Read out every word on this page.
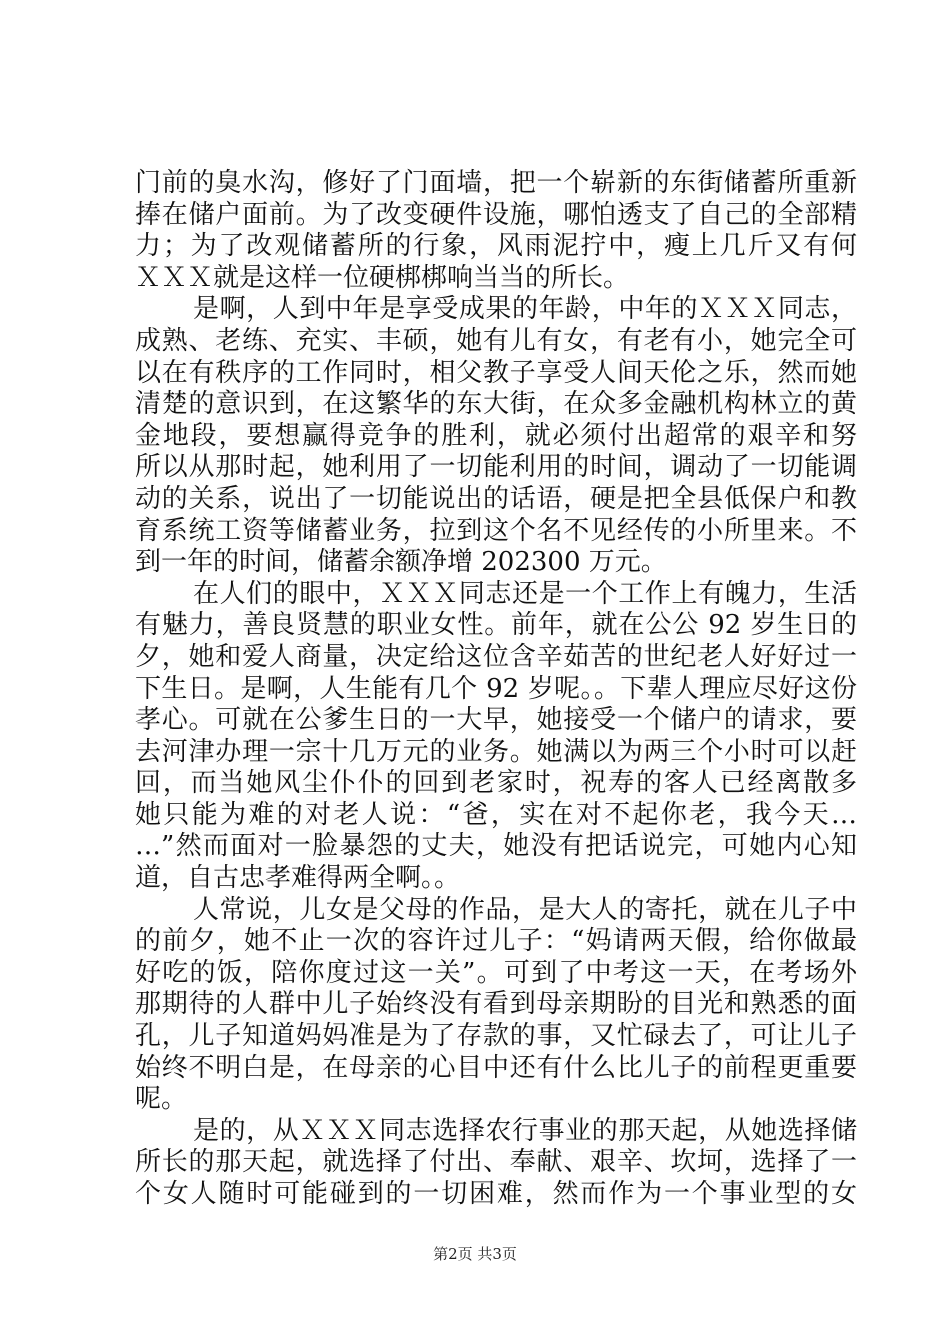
门前的臭水沟，修好了门面墙，把一个崭新的东街储蓄所重新
捧在储户面前。为了改变硬件设施，哪怕透支了自己的全部精
力；为了改观储蓄所的行象，风雨泥拧中，瘦上几斤又有何
ＸＸＸ就是这样一位硬梆梆响当当的所长。
是啊，人到中年是享受成果的年龄，中年的ＸＸＸ同志，
成熟、老练、充实、丰硕，她有儿有女，有老有小，她完全可
以在有秩序的工作同时，相父教子享受人间天伦之乐，然而她
清楚的意识到，在这繁华的东大街，在众多金融机构林立的黄
金地段，要想赢得竞争的胜利，就必须付出超常的艰辛和努
所以从那时起，她利用了一切能利用的时间，调动了一切能调
动的关系，说出了一切能说出的话语，硬是把全县低保户和教
育系统工资等储蓄业务，拉到这个名不见经传的小所里来。不
到一年的时间，储蓄余额净增 202300 万元。
在人们的眼中，ＸＸＸ同志还是一个工作上有魄力，生活
有魅力，善良贤慧的职业女性。前年，就在公公 92 岁生日的
夕，她和爱人商量，决定给这位含辛茹苦的世纪老人好好过一
下生日。是啊，人生能有几个 92 岁呢。。下辈人理应尽好这份
孝心。可就在公爹生日的一大早，她接受一个储户的请求，要
去河津办理一宗十几万元的业务。她满以为两三个小时可以赶
回，而当她风尘仆仆的回到老家时，祝寿的客人已经离散多
她只能为难的对老人说：“爸，实在对不起你老，我今天…
…”然而面对一脸暴怨的丈夫，她没有把话说完，可她内心知
道，自古忠孝难得两全啊。。
人常说，儿女是父母的作品，是大人的寄托，就在儿子中
的前夕，她不止一次的容许过儿子：“妈请两天假，给你做最
好吃的饭，陪你度过这一关”。可到了中考这一天，在考场外
那期待的人群中儿子始终没有看到母亲期盼的目光和熟悉的面
孔，儿子知道妈妈准是为了存款的事，又忙碌去了，可让儿子
始终不明白是，在母亲的心目中还有什么比儿子的前程更重要
呢。
是的，从ＸＸＸ同志选择农行事业的那天起，从她选择储
所长的那天起，就选择了付出、奉献、艰辛、坎坷，选择了一
个女人随时可能碰到的一切困难，然而作为一个事业型的女
第2页 共3页
